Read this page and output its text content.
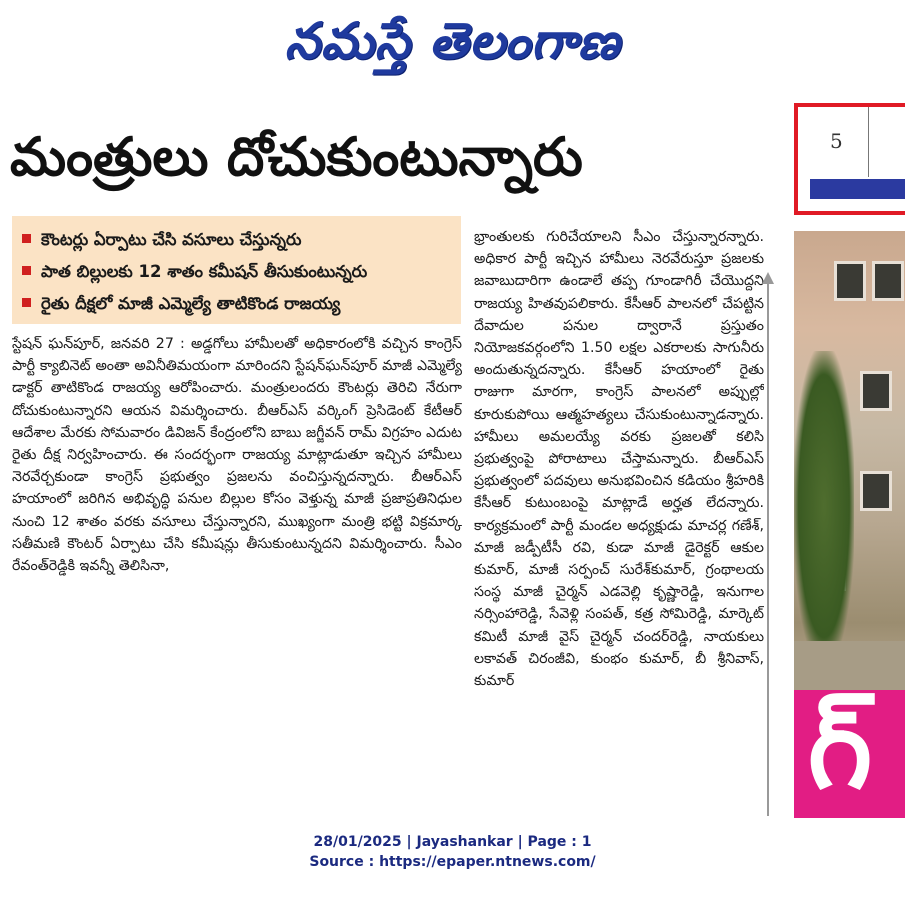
నమస్తే తెలంగాణ
మంత్రులు దోచుకుంటున్నారు
కౌంటర్లు ఏర్పాటు చేసి వసూలు చేస్తున్నరు
పాత బిల్లులకు 12 శాతం కమీషన్ తీసుకుంటున్నరు
రైతు దీక్షలో మాజీ ఎమ్మెల్యే తాటికొండ రాజయ్య

స్టేషన్ ఘన్‌పూర్, జనవరి 27 : అడ్డగోలు హామీలతో అధికారంలోకి వచ్చిన కాంగ్రెస్ పార్టీ క్యాబినెట్ అంతా అవినీతిమయంగా మారిందని స్టేషన్‌ఘన్‌పూర్ మాజీ ఎమ్మెల్యే డాక్టర్ తాటికొండ రాజయ్య ఆరోపించారు. మంత్రులందరు కౌంటర్లు తెరిచి నేరుగా దోచుకుంటున్నారని ఆయన విమర్శించారు. బీఆర్ఎస్ వర్కింగ్ ప్రెసిడెంట్ కేటీఆర్ ఆదేశాల మేరకు సోమవారం డివిజన్ కేంద్రంలోని బాబు జగ్జీవన్ రామ్ విగ్రహం ఎదుట రైతు దీక్ష నిర్వహించారు. ఈ సందర్భంగా రాజయ్య మాట్లాడుతూ ఇచ్చిన హామీలు నెరవేర్చకుండా కాంగ్రెస్ ప్రభుత్వం ప్రజలను వంచిస్తున్నదన్నారు. బీఆర్ఎస్ హయాంలో జరిగిన అభివృద్ధి పనుల బిల్లుల కోసం వెళ్తున్న మాజీ ప్రజాప్రతినిధుల నుంచి 12 శాతం వరకు వసూలు చేస్తున్నారని, ముఖ్యంగా మంత్రి భట్టి విక్రమార్క సతీమణి కౌంటర్ ఏర్పాటు చేసి కమీషన్లు తీసుకుంటున్నదని విమర్శించారు. సీఎం రేవంత్‌రెడ్డికి ఇవన్నీ తెలిసినా,

భ్రాంతులకు గురిచేయాలని సీఎం చేస్తున్నారన్నారు. అధికార పార్టీ ఇచ్చిన హామీలు నెరవేరుస్తూ ప్రజలకు జవాబుదారిగా ఉండాలే తప్ప గూండాగిరీ చేయొద్దని రాజయ్య హితవుపలికారు. కేసీఆర్ పాలనలో చేపట్టిన దేవాదుల పనుల ద్వారానే ప్రస్తుతం నియోజకవర్గంలోని 1.50 లక్షల ఎకరాలకు సాగునీరు అందుతున్నదన్నారు. కేసీఆర్ హయాంలో రైతు రాజుగా మారగా, కాంగ్రెస్ పాలనలో అప్పుల్లో కూరుకుపోయి ఆత్మహత్యలు చేసుకుంటున్నాడన్నారు. హామీలు అమలయ్యే వరకు ప్రజలతో కలిసి ప్రభుత్వంపై పోరాటాలు చేస్తామన్నారు. బీఆర్ఎస్ ప్రభుత్వంలో పదవులు అనుభవించిన కడియం శ్రీహరికి కేసీఆర్ కుటుంబంపై మాట్లాడే అర్హత లేదన్నారు. కార్యక్రమంలో పార్టీ మండల అధ్యక్షుడు మాచర్ల గణేశ్, మాజీ జడ్పీటీసీ రవి, కుడా మాజీ డైరెక్టర్ ఆకుల కుమార్, మాజీ సర్పంచ్ సురేశ్‌కుమార్, గ్రంథాలయ సంస్థ మాజీ చైర్మన్ ఎడవెల్లి కృష్ణారెడ్డి, ఇనుగాల నర్సింహారెడ్డి, సేవెళ్లి సంపత్, కత్ర సోమిరెడ్డి, మార్కెట్ కమిటీ మాజీ వైస్ చైర్మన్ చందర్‌రెడ్డి, నాయకులు లకావత్ చిరంజీవి, కుంభం కుమార్, బీ శ్రీనివాస్, కుమార్

5
గ్
28/01/2025 | Jayashankar | Page : 1
Source : https://epaper.ntnews.com/
